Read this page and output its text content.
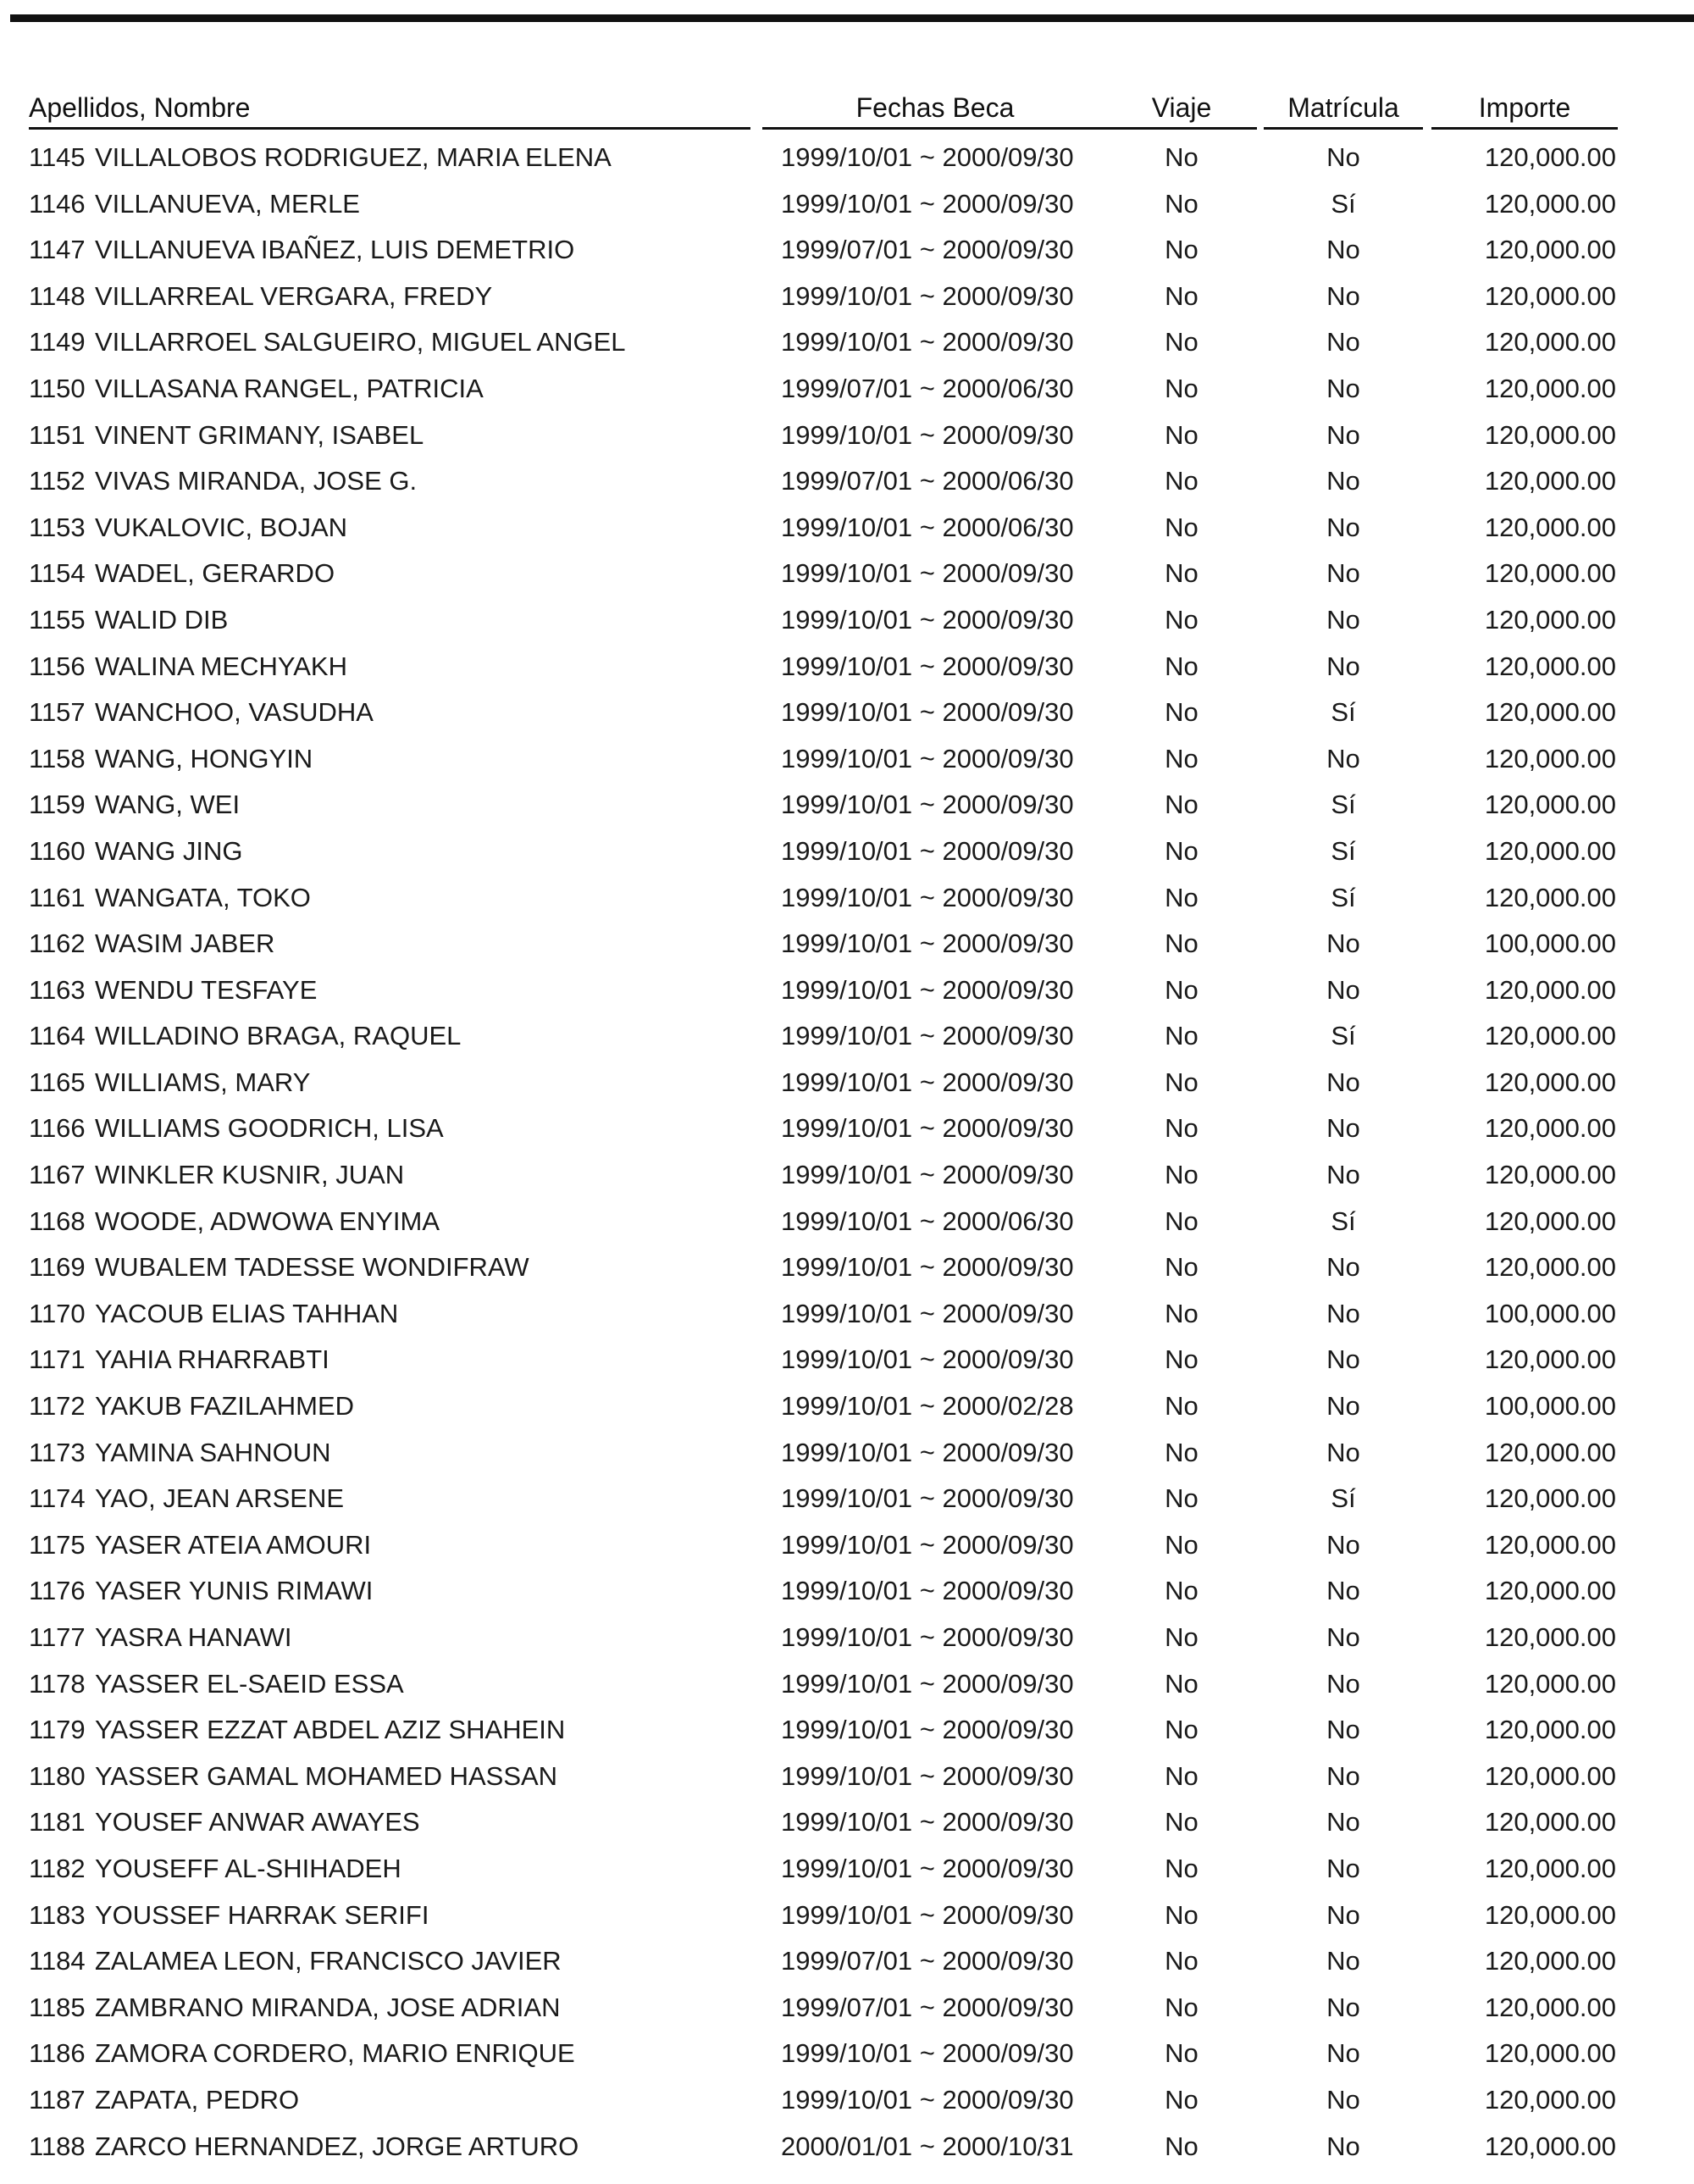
Apellidos, Nombre	Fechas Beca	Viaje	Matrícula	Importe
1145 VILLALOBOS RODRIGUEZ, MARIA ELENA	1999/10/01 ~ 2000/09/30	No	No	120,000.00
1146 VILLANUEVA, MERLE	1999/10/01 ~ 2000/09/30	No	Sí	120,000.00
1147 VILLANUEVA IBAÑEZ, LUIS DEMETRIO	1999/07/01 ~ 2000/09/30	No	No	120,000.00
1148 VILLARREAL VERGARA, FREDY	1999/10/01 ~ 2000/09/30	No	No	120,000.00
1149 VILLARROEL SALGUEIRO, MIGUEL ANGEL	1999/10/01 ~ 2000/09/30	No	No	120,000.00
1150 VILLASANA RANGEL, PATRICIA	1999/07/01 ~ 2000/06/30	No	No	120,000.00
1151 VINENT GRIMANY, ISABEL	1999/10/01 ~ 2000/09/30	No	No	120,000.00
1152 VIVAS MIRANDA, JOSE G.	1999/07/01 ~ 2000/06/30	No	No	120,000.00
1153 VUKALOVIC, BOJAN	1999/10/01 ~ 2000/06/30	No	No	120,000.00
1154 WADEL, GERARDO	1999/10/01 ~ 2000/09/30	No	No	120,000.00
1155 WALID DIB	1999/10/01 ~ 2000/09/30	No	No	120,000.00
1156 WALINA MECHYAKH	1999/10/01 ~ 2000/09/30	No	No	120,000.00
1157 WANCHOO, VASUDHA	1999/10/01 ~ 2000/09/30	No	Sí	120,000.00
1158 WANG, HONGYIN	1999/10/01 ~ 2000/09/30	No	No	120,000.00
1159 WANG, WEI	1999/10/01 ~ 2000/09/30	No	Sí	120,000.00
1160 WANG JING	1999/10/01 ~ 2000/09/30	No	Sí	120,000.00
1161 WANGATA, TOKO	1999/10/01 ~ 2000/09/30	No	Sí	120,000.00
1162 WASIM JABER	1999/10/01 ~ 2000/09/30	No	No	100,000.00
1163 WENDU TESFAYE	1999/10/01 ~ 2000/09/30	No	No	120,000.00
1164 WILLADINO BRAGA, RAQUEL	1999/10/01 ~ 2000/09/30	No	Sí	120,000.00
1165 WILLIAMS, MARY	1999/10/01 ~ 2000/09/30	No	No	120,000.00
1166 WILLIAMS GOODRICH, LISA	1999/10/01 ~ 2000/09/30	No	No	120,000.00
1167 WINKLER KUSNIR, JUAN	1999/10/01 ~ 2000/09/30	No	No	120,000.00
1168 WOODE, ADWOWA ENYIMA	1999/10/01 ~ 2000/06/30	No	Sí	120,000.00
1169 WUBALEM TADESSE WONDIFRAW	1999/10/01 ~ 2000/09/30	No	No	120,000.00
1170 YACOUB ELIAS TAHHAN	1999/10/01 ~ 2000/09/30	No	No	100,000.00
1171 YAHIA RHARRABTI	1999/10/01 ~ 2000/09/30	No	No	120,000.00
1172 YAKUB FAZILAHMED	1999/10/01 ~ 2000/02/28	No	No	100,000.00
1173 YAMINA SAHNOUN	1999/10/01 ~ 2000/09/30	No	No	120,000.00
1174 YAO, JEAN ARSENE	1999/10/01 ~ 2000/09/30	No	Sí	120,000.00
1175 YASER ATEIA AMOURI	1999/10/01 ~ 2000/09/30	No	No	120,000.00
1176 YASER YUNIS RIMAWI	1999/10/01 ~ 2000/09/30	No	No	120,000.00
1177 YASRA HANAWI	1999/10/01 ~ 2000/09/30	No	No	120,000.00
1178 YASSER EL-SAEID ESSA	1999/10/01 ~ 2000/09/30	No	No	120,000.00
1179 YASSER EZZAT ABDEL AZIZ SHAHEIN	1999/10/01 ~ 2000/09/30	No	No	120,000.00
1180 YASSER GAMAL MOHAMED HASSAN	1999/10/01 ~ 2000/09/30	No	No	120,000.00
1181 YOUSEF ANWAR AWAYES	1999/10/01 ~ 2000/09/30	No	No	120,000.00
1182 YOUSEFF AL-SHIHADEH	1999/10/01 ~ 2000/09/30	No	No	120,000.00
1183 YOUSSEF HARRAK SERIFI	1999/10/01 ~ 2000/09/30	No	No	120,000.00
1184 ZALAMEA LEON, FRANCISCO JAVIER	1999/07/01 ~ 2000/09/30	No	No	120,000.00
1185 ZAMBRANO MIRANDA, JOSE ADRIAN	1999/07/01 ~ 2000/09/30	No	No	120,000.00
1186 ZAMORA CORDERO, MARIO ENRIQUE	1999/10/01 ~ 2000/09/30	No	No	120,000.00
1187 ZAPATA, PEDRO	1999/10/01 ~ 2000/09/30	No	No	120,000.00
1188 ZARCO HERNANDEZ, JORGE ARTURO	2000/01/01 ~ 2000/10/31	No	No	120,000.00
